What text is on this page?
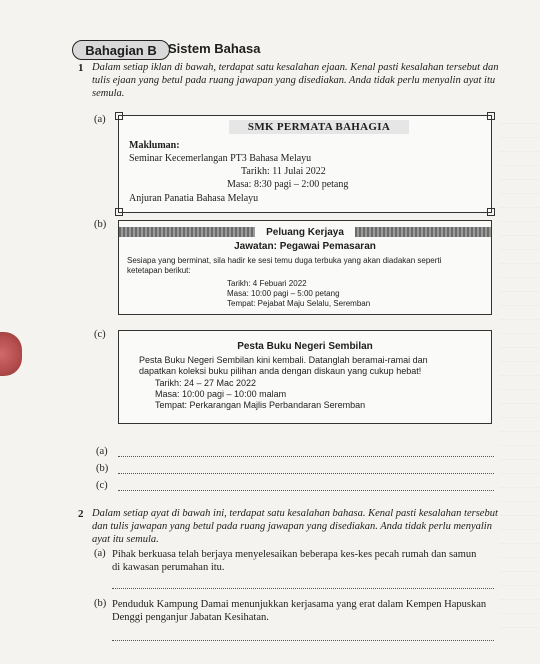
Bahagian B Sistem Bahasa
1 Dalam setiap iklan di bawah, terdapat satu kesalahan ejaan. Kenal pasti kesalahan tersebut dan tulis ejaan yang betul pada ruang jawapan yang disediakan. Anda tidak perlu menyalin ayat itu semula.
(a)
SMK PERMATA BAHAGIA
Makluman:
Seminar Kecemerlangan PT3 Bahasa Melayu
Tarikh: 11 Julai 2022
Masa: 8:30 pagi – 2:00 petang
Anjuran Panatia Bahasa Melayu
(b)
Peluang Kerjaya
Jawatan: Pegawai Pemasaran
Sesiapa yang berminat, sila hadir ke sesi temu duga terbuka yang akan diadakan seperti
ketetapan berikut:
Tarikh: 4 Febuari 2022
Masa: 10:00 pagi – 5:00 petang
Tempat: Pejabat Maju Selalu, Seremban
(c)
Pesta Buku Negeri Sembilan
Pesta Buku Negeri Sembilan kini kembali. Datanglah beramai-ramai dan
dapatkan koleksi buku pilihan anda dengan diskaun yang cukup hebat!
Tarikh: 24 – 27 Mac 2022
Masa: 10:00 pagi – 10:00 malam
Tempat: Perkarangan Majlis Perbandaran Seremban
(a)
(b)
(c)
2 Dalam setiap ayat di bawah ini, terdapat satu kesalahan bahasa. Kenal pasti kesalahan tersebut dan tulis jawapan yang betul pada ruang jawapan yang disediakan. Anda tidak perlu menyalin ayat itu semula.
(a) Pihak berkuasa telah berjaya menyelesaikan beberapa kes-kes pecah rumah dan samun
di kawasan perumahan itu.
(b) Penduduk Kampung Damai menunjukkan kerjasama yang erat dalam Kempen Hapuskan
Denggi penganjur Jabatan Kesihatan.
